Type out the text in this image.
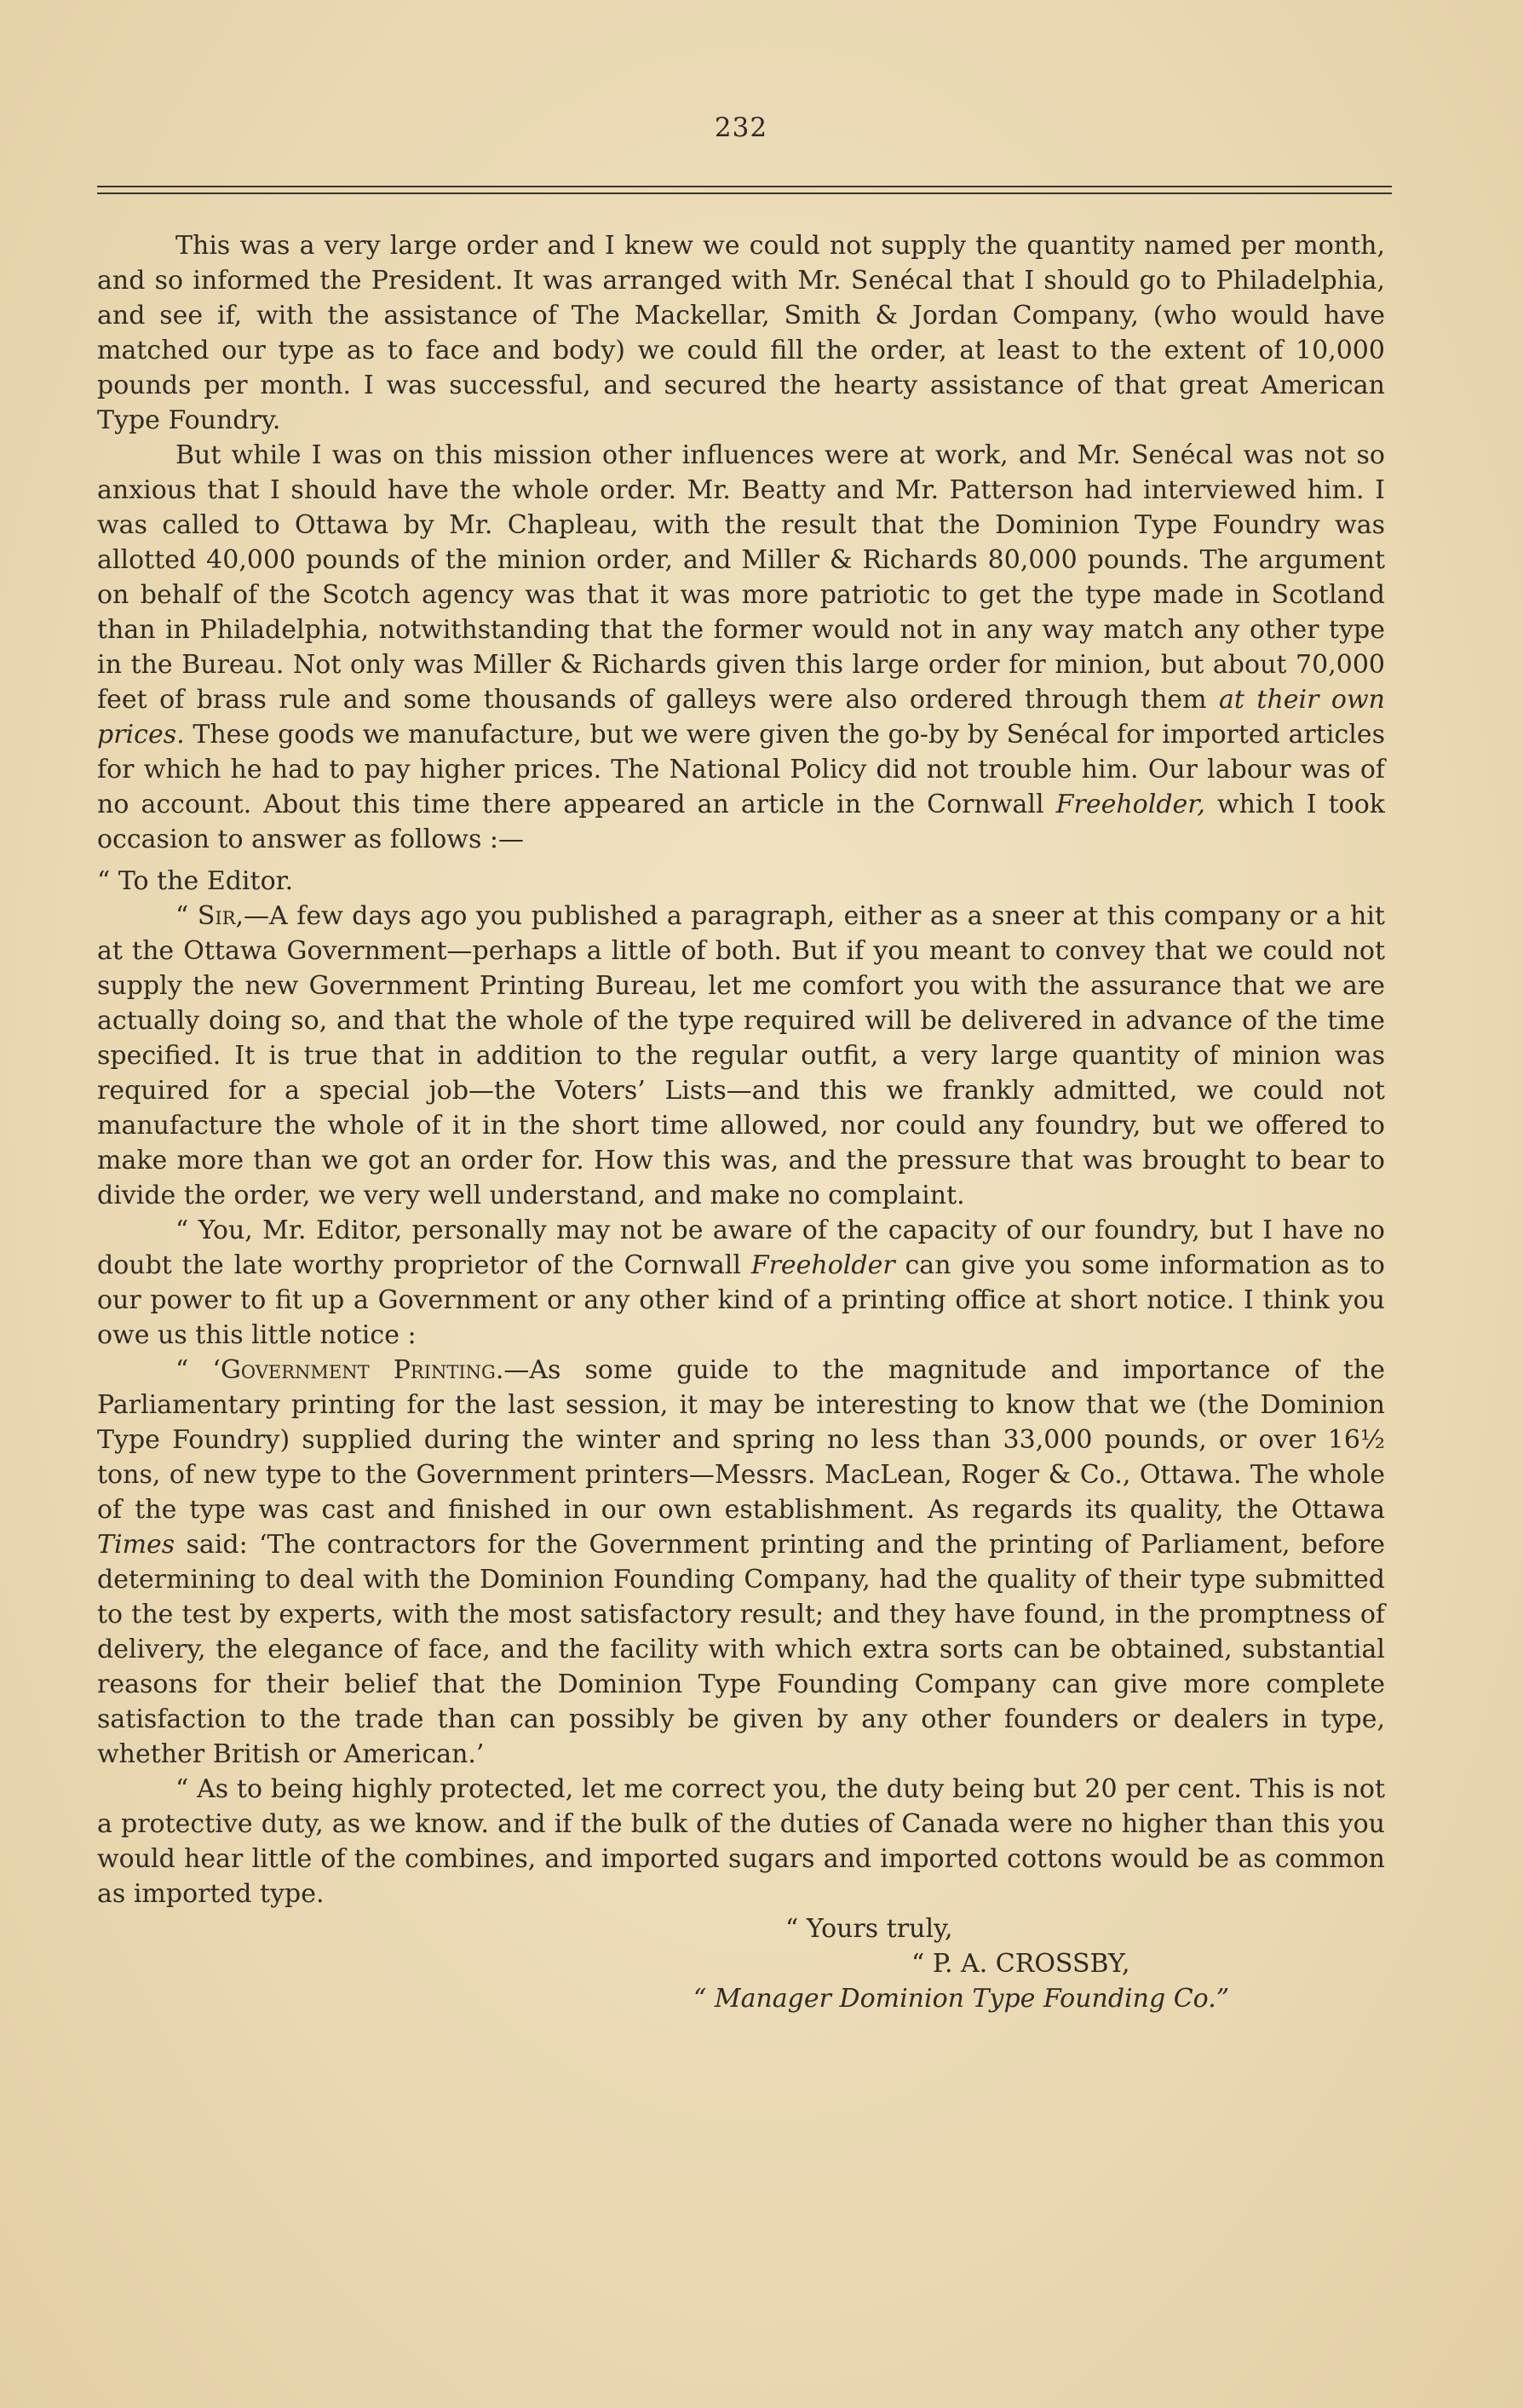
232

This was a very large order and I knew we could not supply the quantity named per month, and so informed the President. It was arranged with Mr. Senécal that I should go to Philadelphia, and see if, with the assistance of The Mackellar, Smith & Jordan Company, (who would have matched our type as to face and body) we could fill the order, at least to the extent of 10,000 pounds per month. I was successful, and secured the hearty assistance of that great American Type Foundry.

But while I was on this mission other influences were at work, and Mr. Senécal was not so anxious that I should have the whole order. Mr. Beatty and Mr. Patterson had interviewed him. I was called to Ottawa by Mr. Chapleau, with the result that the Dominion Type Foundry was allotted 40,000 pounds of the minion order, and Miller & Richards 80,000 pounds. The argument on behalf of the Scotch agency was that it was more patriotic to get the type made in Scotland than in Philadelphia, notwithstanding that the former would not in any way match any other type in the Bureau. Not only was Miller & Richards given this large order for minion, but about 70,000 feet of brass rule and some thousands of galleys were also ordered through them at their own prices. These goods we manufacture, but we were given the go-by by Senécal for imported articles for which he had to pay higher prices. The National Policy did not trouble him. Our labour was of no account. About this time there appeared an article in the Cornwall Freeholder, which I took occasion to answer as follows :—

“ To the Editor.

“ Sir,—A few days ago you published a paragraph, either as a sneer at this company or a hit at the Ottawa Government—perhaps a little of both. But if you meant to convey that we could not supply the new Government Printing Bureau, let me comfort you with the assurance that we are actually doing so, and that the whole of the type required will be delivered in advance of the time specified. It is true that in addition to the regular outfit, a very large quantity of minion was required for a special job—the Voters’ Lists—and this we frankly admitted, we could not manufacture the whole of it in the short time allowed, nor could any foundry, but we offered to make more than we got an order for. How this was, and the pressure that was brought to bear to divide the order, we very well understand, and make no complaint.

“ You, Mr. Editor, personally may not be aware of the capacity of our foundry, but I have no doubt the late worthy proprietor of the Cornwall Freeholder can give you some information as to our power to fit up a Government or any other kind of a printing office at short notice. I think you owe us this little notice :

“ ‘Government Printing.—As some guide to the magnitude and importance of the Parliamentary printing for the last session, it may be interesting to know that we (the Dominion Type Foundry) supplied during the winter and spring no less than 33,000 pounds, or over 16½ tons, of new type to the Government printers—Messrs. MacLean, Roger & Co., Ottawa. The whole of the type was cast and finished in our own establishment. As regards its quality, the Ottawa Times said: ‘The contractors for the Government printing and the printing of Parliament, before determining to deal with the Dominion Founding Company, had the quality of their type submitted to the test by experts, with the most satisfactory result; and they have found, in the promptness of delivery, the elegance of face, and the facility with which extra sorts can be obtained, substantial reasons for their belief that the Dominion Type Founding Company can give more complete satisfaction to the trade than can possibly be given by any other founders or dealers in type, whether British or American.’

“ As to being highly protected, let me correct you, the duty being but 20 per cent. This is not a protective duty, as we know. and if the bulk of the duties of Canada were no higher than this you would hear little of the combines, and imported sugars and imported cottons would be as common as imported type.

“ Yours truly,

“ P. A. CROSSBY,

“ Manager Dominion Type Founding Co.”
